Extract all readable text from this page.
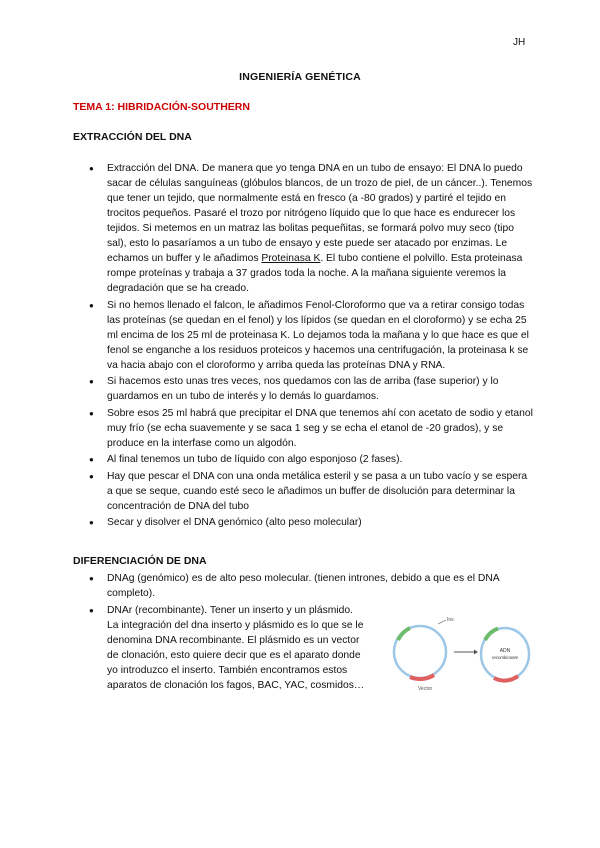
JH
INGENIERÍA GENÉTICA
TEMA 1: HIBRIDACIÓN-SOUTHERN
EXTRACCIÓN DEL DNA
● Extracción del DNA. De manera que yo tenga DNA en un tubo de ensayo: El DNA lo puedo sacar de células sanguíneas (glóbulos blancos, de un trozo de piel, de un cáncer..). Tenemos que tener un tejido, que normalmente está en fresco (a -80 grados) y partiré el tejido en trocitos pequeños. Pasaré el trozo por nitrógeno líquido que lo que hace es endurecer los tejidos. Si metemos en un matraz las bolitas pequeñitas, se formará polvo muy seco (tipo sal), esto lo pasaríamos a un tubo de ensayo y este puede ser atacado por enzimas. Le echamos un buffer y le añadimos Proteinasa K. El tubo contiene el polvillo. Esta proteinasa rompe proteínas y trabaja a 37 grados toda la noche. A la mañana siguiente veremos la degradación que se ha creado.
● Si no hemos llenado el falcon, le añadimos Fenol-Cloroformo que va a retirar consigo todas las proteínas (se quedan en el fenol) y los lípidos (se quedan en el cloroformo) y se echa 25 ml encima de los 25 ml de proteinasa K. Lo dejamos toda la mañana y lo que hace es que el fenol se enganche a los residuos proteicos y hacemos una centrifugación, la proteinasa k se va hacia abajo con el cloroformo y arriba queda las proteínas DNA y RNA.
● Si hacemos esto unas tres veces, nos quedamos con las de arriba (fase superior) y lo guardamos en un tubo de interés y lo demás lo guardamos.
● Sobre esos 25 ml habrá que precipitar el DNA que tenemos ahí con acetato de sodio y etanol muy frío (se echa suavemente y se saca 1 seg y se echa el etanol de -20 grados), y se produce en la interfase como un algodón.
● Al final tenemos un tubo de líquido con algo esponjoso (2 fases).
● Hay que pescar el DNA con una onda metálica esteril y se pasa a un tubo vacío y se espera a que se seque, cuando esté seco le añadimos un buffer de disolución para determinar la concentración de DNA del tubo
● Secar y disolver el DNA genómico (alto peso molecular)
DIFERENCIACIÓN DE DNA
● DNAg (genómico) es de alto peso molecular. (tienen intrones, debido a que es el DNA completo).
● DNAr (recombinante). Tener un inserto y un plásmido. La integración del dna inserto y plásmido es lo que se le denomina DNA recombinante. El plásmido es un vector de clonación, esto quiere decir que es el aparato donde yo introduzco el inserto. También encontramos estos aparatos de clonación los fagos, BAC, YAC, cosmidos…
Ins
Vector
ADN
recombinante
